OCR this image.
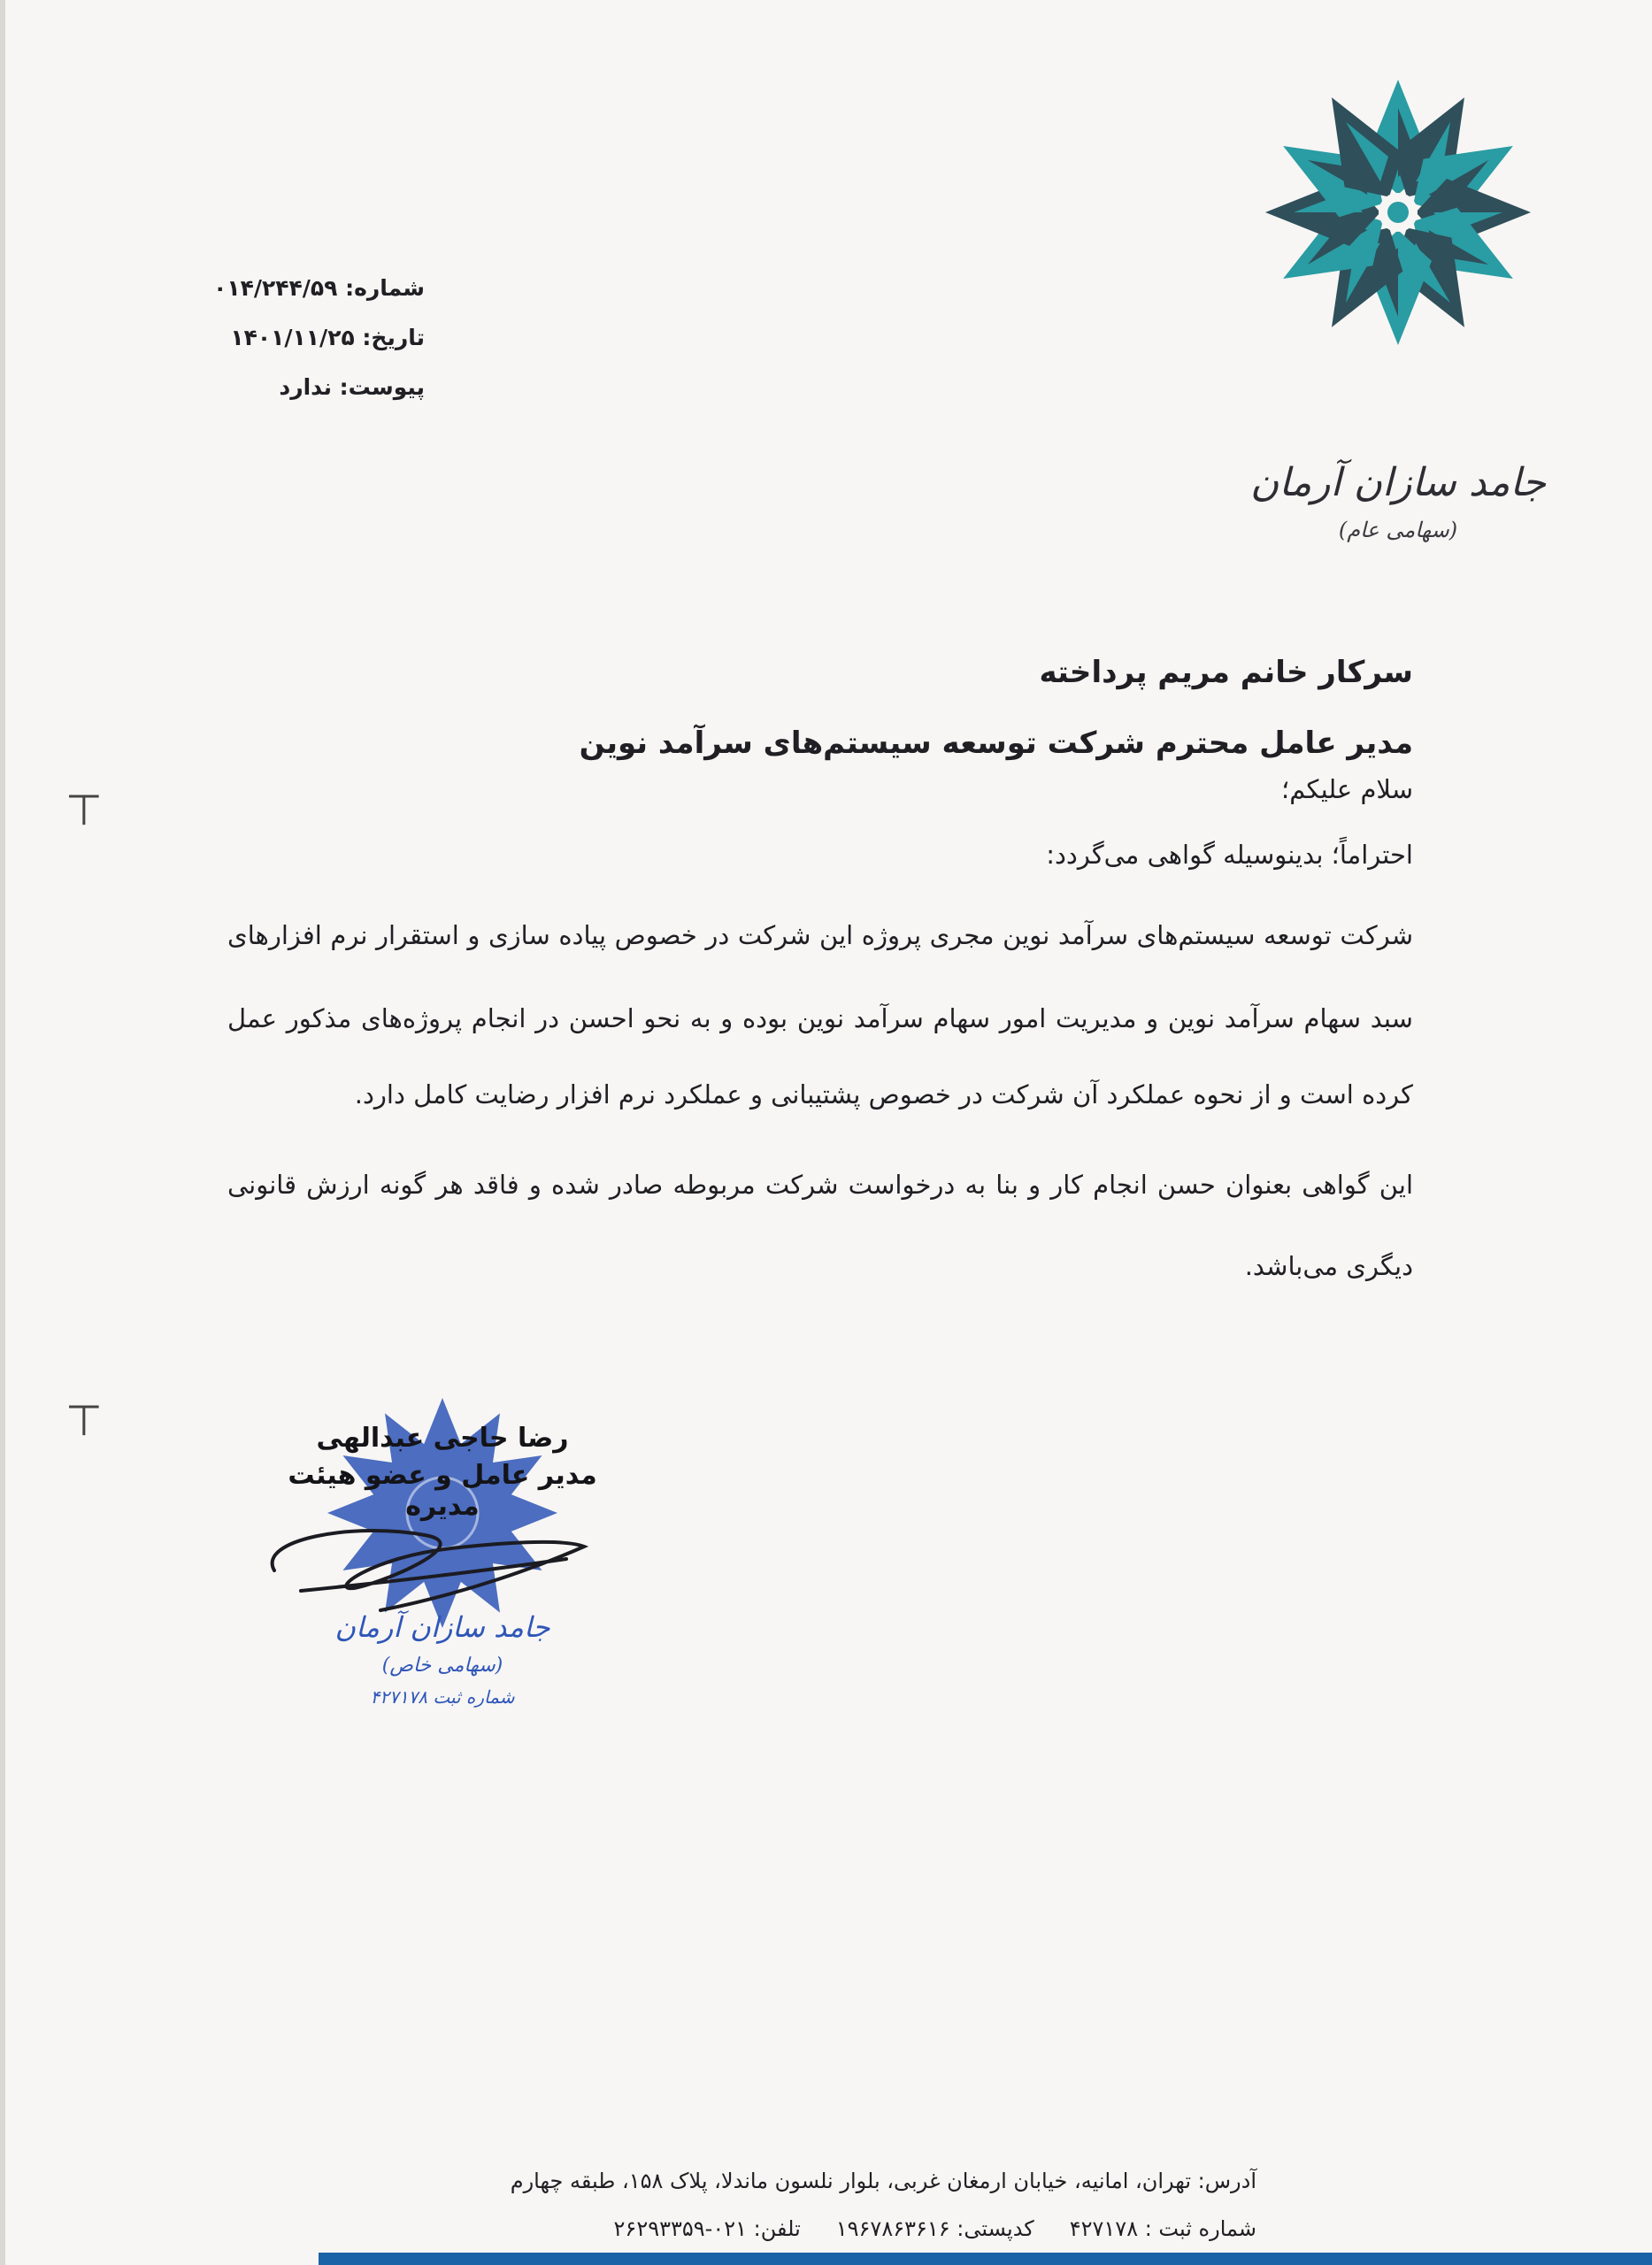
جامد سازان آرمان
(سهامی عام)
شماره: ۰۱۴/۲۴۴/۵۹
تاریخ: ۱۴۰۱/۱۱/۲۵
پیوست: ندارد
سرکار خانم مریم پرداخته
مدیر عامل محترم شرکت توسعه سیستم‌های سرآمد نوین
⊤
⊤
سلام علیکم؛
احتراماً؛ بدینوسیله گواهی می‌گردد:
شرکت توسعه سیستم‌های سرآمد نوین مجری پروژه این شرکت در خصوص پیاده سازی و استقرار نرم افزارهای
سبد سهام سرآمد نوین و مدیریت امور سهام سرآمد نوین بوده و به نحو احسن در انجام پروژه‌های مذکور عمل
کرده است و از نحوه عملکرد آن شرکت در خصوص پشتیبانی و عملکرد نرم افزار رضایت کامل دارد.
این گواهی بعنوان حسن انجام کار و بنا به درخواست شرکت مربوطه صادر شده و فاقد هر گونه ارزش قانونی
دیگری می‌باشد.
رضا حاجی عبدالهی
مدیر عامل و عضو هیئت مدیره
جامد سازان آرمان
(سهامی خاص)
شماره ثبت ۴۲۷۱۷۸
آدرس: تهران، امانیه، خیابان ارمغان غربی، بلوار نلسون ماندلا، پلاک ۱۵۸، طبقه چهارم
شماره ثبت : ۴۲۷۱۷۸کدپستی: ۱۹۶۷۸۶۳۶۱۶تلفن: ۰۲۱-۲۶۲۹۳۳۵۹
